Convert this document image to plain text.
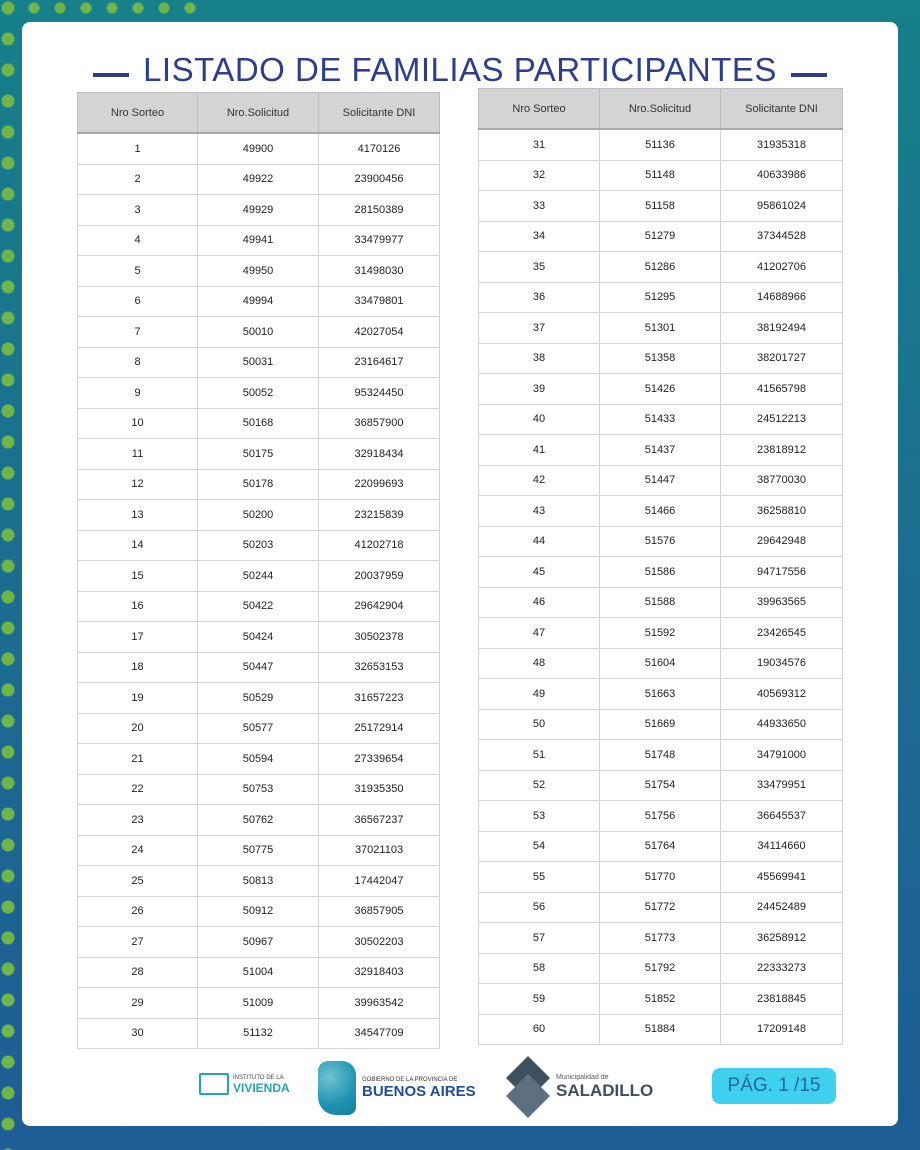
LISTADO DE FAMILIAS PARTICIPANTES
Nro Sorteo	Nro.Solicitud	Solicitante DNI
1	49900	4170126
2	49922	23900456
3	49929	28150389
4	49941	33479977
5	49950	31498030
6	49994	33479801
7	50010	42027054
8	50031	23164617
9	50052	95324450
10	50168	36857900
11	50175	32918434
12	50178	22099693
13	50200	23215839
14	50203	41202718
15	50244	20037959
16	50422	29642904
17	50424	30502378
18	50447	32653153
19	50529	31657223
20	50577	25172914
21	50594	27339654
22	50753	31935350
23	50762	36567237
24	50775	37021103
25	50813	17442047
26	50912	36857905
27	50967	30502203
28	51004	32918403
29	51009	39963542
30	51132	34547709
Nro Sorteo	Nro.Solicitud	Solicitante DNI
31	51136	31935318
32	51148	40633986
33	51158	95861024
34	51279	37344528
35	51286	41202706
36	51295	14688966
37	51301	38192494
38	51358	38201727
39	51426	41565798
40	51433	24512213
41	51437	23818912
42	51447	38770030
43	51466	36258810
44	51576	29642948
45	51586	94717556
46	51588	39963565
47	51592	23426545
48	51604	19034576
49	51663	40569312
50	51669	44933650
51	51748	34791000
52	51754	33479951
53	51756	36645537
54	51764	34114660
55	51770	45569941
56	51772	24452489
57	51773	36258912
58	51792	22333273
59	51852	23818845
60	51884	17209148
INSTITUTO DE LA
VIVIENDA
GOBIERNO DE LA PROVINCIA DE
BUENOS AIRES
Municipalidad de
SALADILLO	PÁG. 1 /15
